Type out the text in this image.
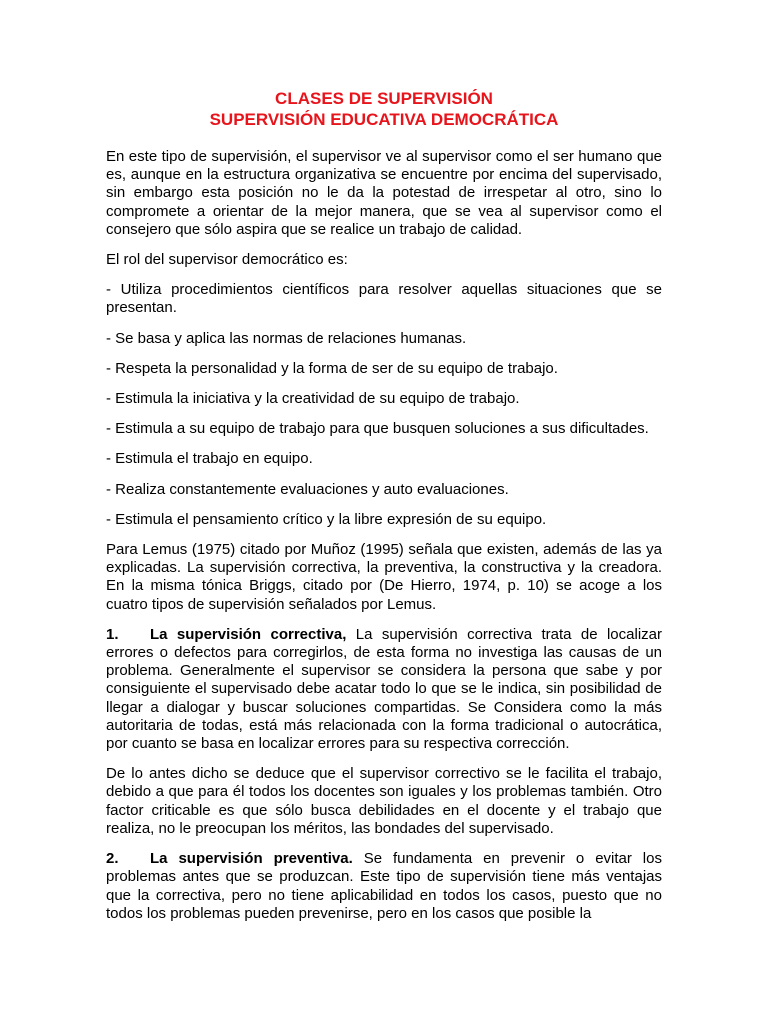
CLASES DE SUPERVISIÓN
SUPERVISIÓN EDUCATIVA DEMOCRÁTICA

En este tipo de supervisión, el supervisor ve al supervisor como el ser humano que es, aunque en la estructura organizativa se encuentre por encima del supervisado, sin embargo esta posición no le da la potestad de irrespetar al otro, sino lo compromete a orientar de la mejor manera, que se vea al supervisor como el consejero que sólo aspira que se realice un trabajo de calidad.

El rol del supervisor democrático es:

- Utiliza procedimientos científicos para resolver aquellas situaciones que se presentan.

- Se basa y aplica las normas de relaciones humanas.

- Respeta la personalidad y la forma de ser de su equipo de trabajo.

- Estimula la iniciativa y la creatividad de su equipo de trabajo.

- Estimula a su equipo de trabajo para que busquen soluciones a sus dificultades.

- Estimula el trabajo en equipo.

- Realiza constantemente evaluaciones y auto evaluaciones.

- Estimula el pensamiento crítico y la libre expresión de su equipo.

Para Lemus (1975) citado por Muñoz (1995) señala que existen, además de las ya explicadas. La supervisión correctiva, la preventiva, la constructiva y la creadora. En la misma tónica Briggs, citado por (De Hierro, 1974, p. 10) se acoge a los cuatro tipos de supervisión señalados por Lemus.

1. La supervisión correctiva, La supervisión correctiva trata de localizar errores o defectos para corregirlos, de esta forma no investiga las causas de un problema. Generalmente el supervisor se considera la persona que sabe y por consiguiente el supervisado debe acatar todo lo que se le indica, sin posibilidad de llegar a dialogar y buscar soluciones compartidas. Se Considera como la más autoritaria de todas, está más relacionada con la forma tradicional o autocrática, por cuanto se basa en localizar errores para su respectiva corrección.

De lo antes dicho se deduce que el supervisor correctivo se le facilita el trabajo, debido a que para él todos los docentes son iguales y los problemas también. Otro factor criticable es que sólo busca debilidades en el docente y el trabajo que realiza, no le preocupan los méritos, las bondades del supervisado.

2. La supervisión preventiva. Se fundamenta en prevenir o evitar los problemas antes que se produzcan. Este tipo de supervisión tiene más ventajas que la correctiva, pero no tiene aplicabilidad en todos los casos, puesto que no todos los problemas pueden prevenirse, pero en los casos que posible la
